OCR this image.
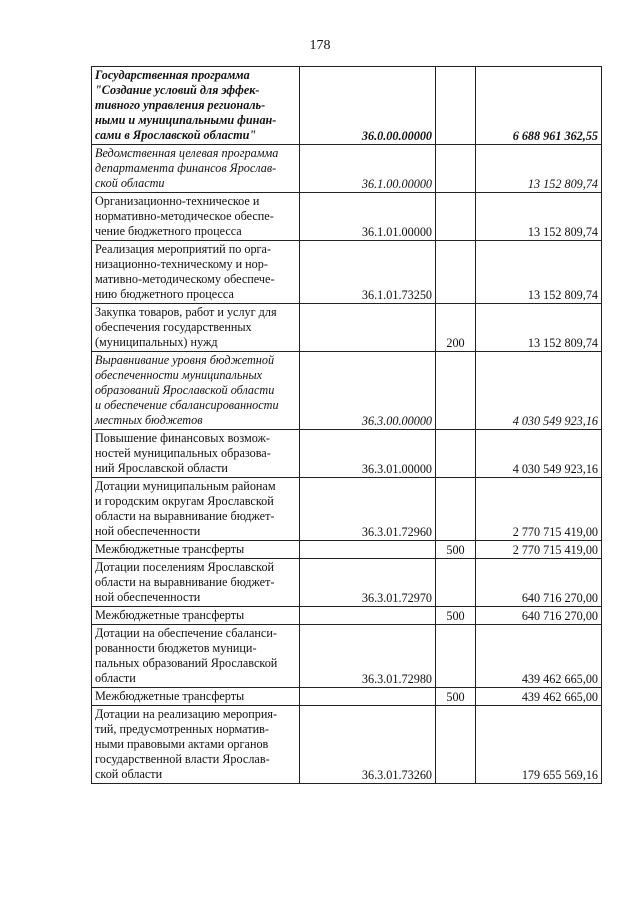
178
Государственная программа
"Создание условий для эффек-
тивного управления региональ-
ными и муниципальными финан-
сами в Ярославской области"	36.0.00.00000		6 688 961 362,55

Ведомственная целевая программа
департамента финансов Ярослав-
ской области	36.1.00.00000		13 152 809,74

Организационно-техническое и
нормативно-методическое обеспе-
чение бюджетного процесса	36.1.01.00000		13 152 809,74

Реализация мероприятий по орга-
низационно-техническому и нор-
мативно-методическому обеспече-
нию бюджетного процесса	36.1.01.73250		13 152 809,74

Закупка товаров, работ и услуг для
обеспечения государственных
(муниципальных) нужд		200	13 152 809,74

Выравнивание уровня бюджетной
обеспеченности муниципальных
образований Ярославской области
и обеспечение сбалансированности
местных бюджетов	36.3.00.00000		4 030 549 923,16

Повышение финансовых возмож-
ностей муниципальных образова-
ний Ярославской области	36.3.01.00000		4 030 549 923,16

Дотации муниципальным районам
и городским округам Ярославской
области на выравнивание бюджет-
ной обеспеченности	36.3.01.72960		2 770 715 419,00

Межбюджетные трансферты		500	2 770 715 419,00

Дотации поселениям Ярославской
области на выравнивание бюджет-
ной обеспеченности	36.3.01.72970		640 716 270,00

Межбюджетные трансферты		500	640 716 270,00

Дотации на обеспечение сбаланси-
рованности бюджетов муници-
пальных образований Ярославской
области	36.3.01.72980		439 462 665,00

Межбюджетные трансферты		500	439 462 665,00

Дотации на реализацию мероприя-
тий, предусмотренных норматив-
ными правовыми актами органов
государственной власти Ярослав-
ской области	36.3.01.73260		179 655 569,16
